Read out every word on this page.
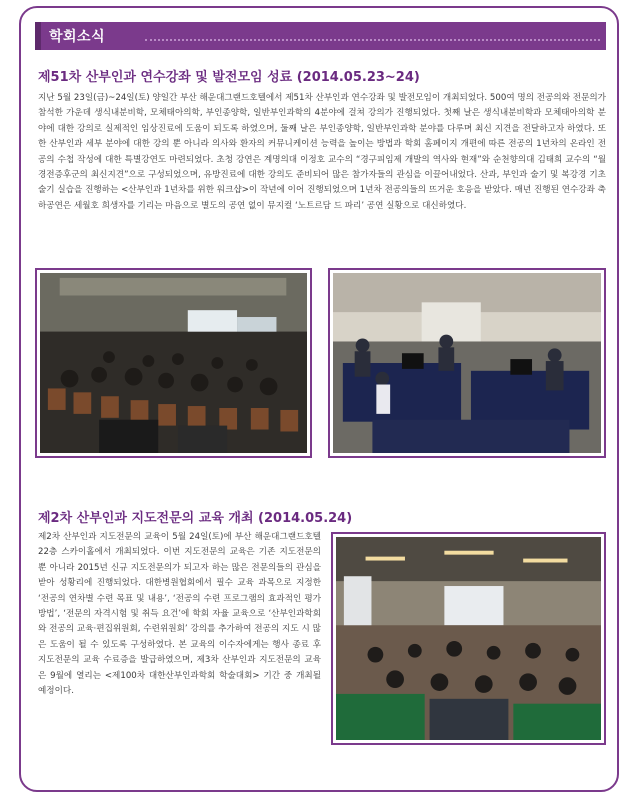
학회소식
제51차 산부인과 연수강좌 및 발전모임 성료 (2014.05.23~24)

지난 5월 23일(금)~24일(토) 양일간 부산 해운대그랜드호텔에서 제51차 산부인과 연수강좌 및 발전모임이 개최되었다. 500여 명의 전공의와 전문의가 참석한 가운데 생식내분비학, 모체태아의학, 부인종양학, 일반부인과학의 4분야에 걸쳐 강의가 진행되었다. 첫째 날은 생식내분비학과 모체태아의학 분야에 대한 강의로 실제적인 임상진료에 도움이 되도록 하였으며, 둘째 날은 부인종양학, 일반부인과학 분야를 다루며 최신 지견을 전달하고자 하였다. 또한 산부인과 세부 분야에 대한 강의 뿐 아니라 의사와 환자의 커뮤니케이션 능력을 높이는 방법과 학회 홈페이지 개편에 따른 전공의 1년차의 온라인 전공의 수첩 작성에 대한 특별강연도 마련되었다. 초청 강연은 계명의대 이정호 교수의 “경구피임제 개발의 역사와 현재”와 순천향의대 김태희 교수의 “월경전증후군의 최신지견”으로 구성되었으며, 유방진료에 대한 강의도 준비되어 많은 참가자들의 관심을 이끌어내었다. 산과, 부인과 술기 및 복강경 기초 술기 실습을 진행하는 <산부인과 1년차를 위한 워크샵>이 작년에 이어 진행되었으며 1년차 전공의들의 뜨거운 호응을 받았다. 매년 진행된 연수강좌 축하공연은 세월호 희생자를 기리는 마음으로 별도의 공연 없이 뮤지컬 ‘노트르담 드 파리’ 공연 실황으로 대신하였다.

제2차 산부인과 지도전문의 교육 개최 (2014.05.24)

제2차 산부인과 지도전문의 교육이 5월 24일(토)에 부산 해운대그랜드호텔 22층 스카이홀에서 개최되었다. 이번 지도전문의 교육은 기존 지도전문의 뿐 아니라 2015년 신규 지도전문의가 되고자 하는 많은 전문의들의 관심을 받아 성황리에 진행되었다. 대한병원협회에서 필수 교육 과목으로 지정한 ‘전공의 연차별 수련 목표 및 내용’, ‘전공의 수련 프로그램의 효과적인 평가방법’, ‘전문의 자격시험 및 취득 요건’에 학회 자율 교육으로 ‘산부인과학회와 전공의 교육·편집위원회, 수련위원회’ 강의를 추가하여 전공의 지도 시 많은 도움이 될 수 있도록 구성하였다. 본 교육의 이수자에게는 행사 종료 후 지도전문의 교육 수료증을 발급하였으며, 제3차 산부인과 지도전문의 교육은 9월에 열리는 <제100차 대한산부인과학회 학술대회> 기간 중 개최될 예정이다.
